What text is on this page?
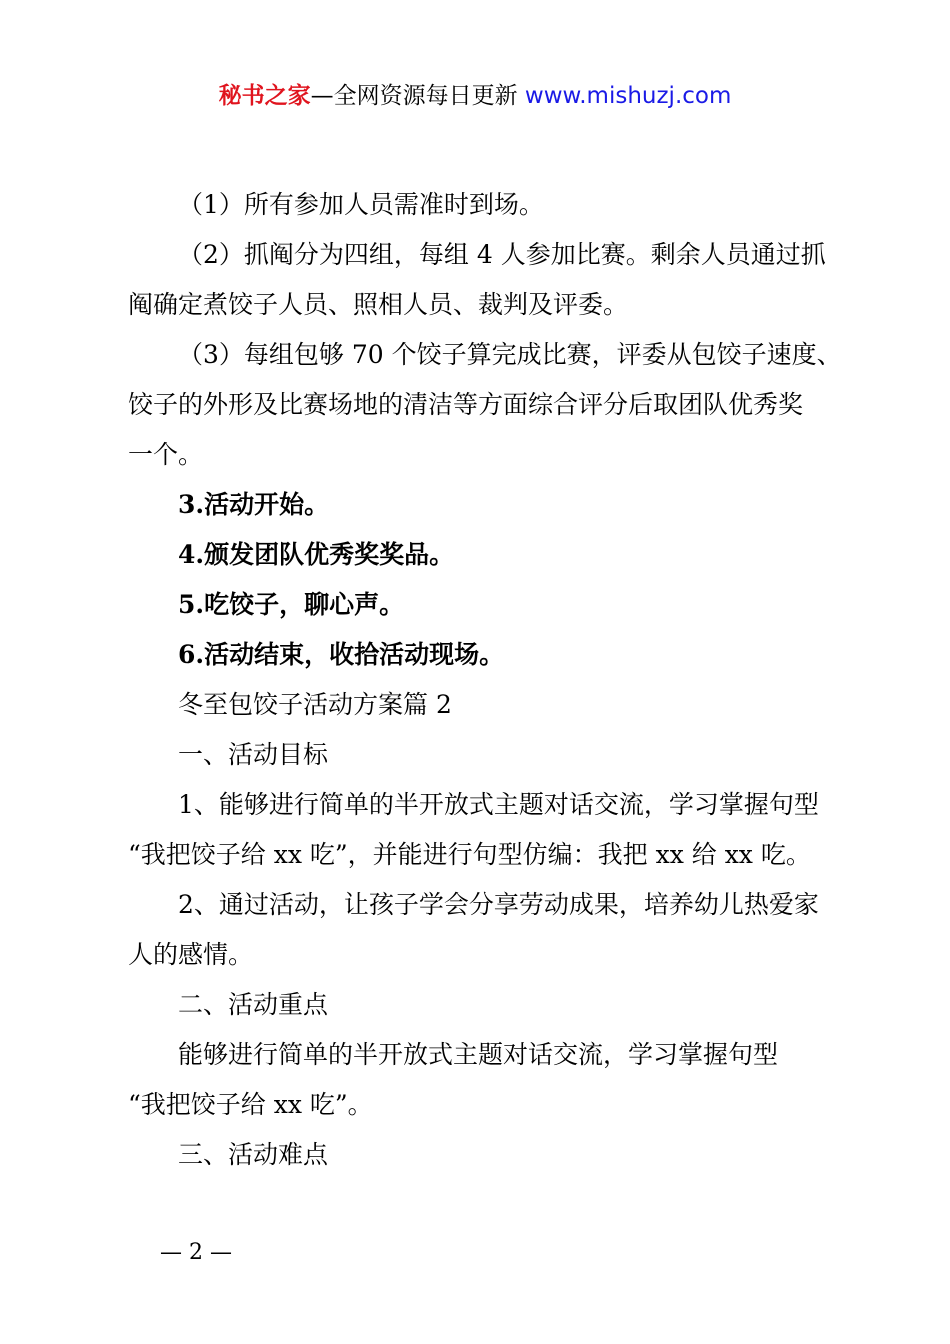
秘书之家—全网资源每日更新 www.mishuzj.com

（1）所有参加人员需准时到场。

（2）抓阄分为四组，每组 4 人参加比赛。剩余人员通过抓

阄确定煮饺子人员、照相人员、裁判及评委。

（3）每组包够 70 个饺子算完成比赛，评委从包饺子速度、

饺子的外形及比赛场地的清洁等方面综合评分后取团队优秀奖

一个。

3.活动开始。

4.颁发团队优秀奖奖品。

5.吃饺子，聊心声。

6.活动结束，收拾活动现场。

冬至包饺子活动方案篇 2

一、活动目标

1、能够进行简单的半开放式主题对话交流，学习掌握句型

“我把饺子给 xx 吃”，并能进行句型仿编：我把 xx 给 xx 吃。

2、通过活动，让孩子学会分享劳动成果，培养幼儿热爱家

人的感情。

二、活动重点

能够进行简单的半开放式主题对话交流，学习掌握句型

“我把饺子给 xx 吃”。

三、活动难点

— 2 —
